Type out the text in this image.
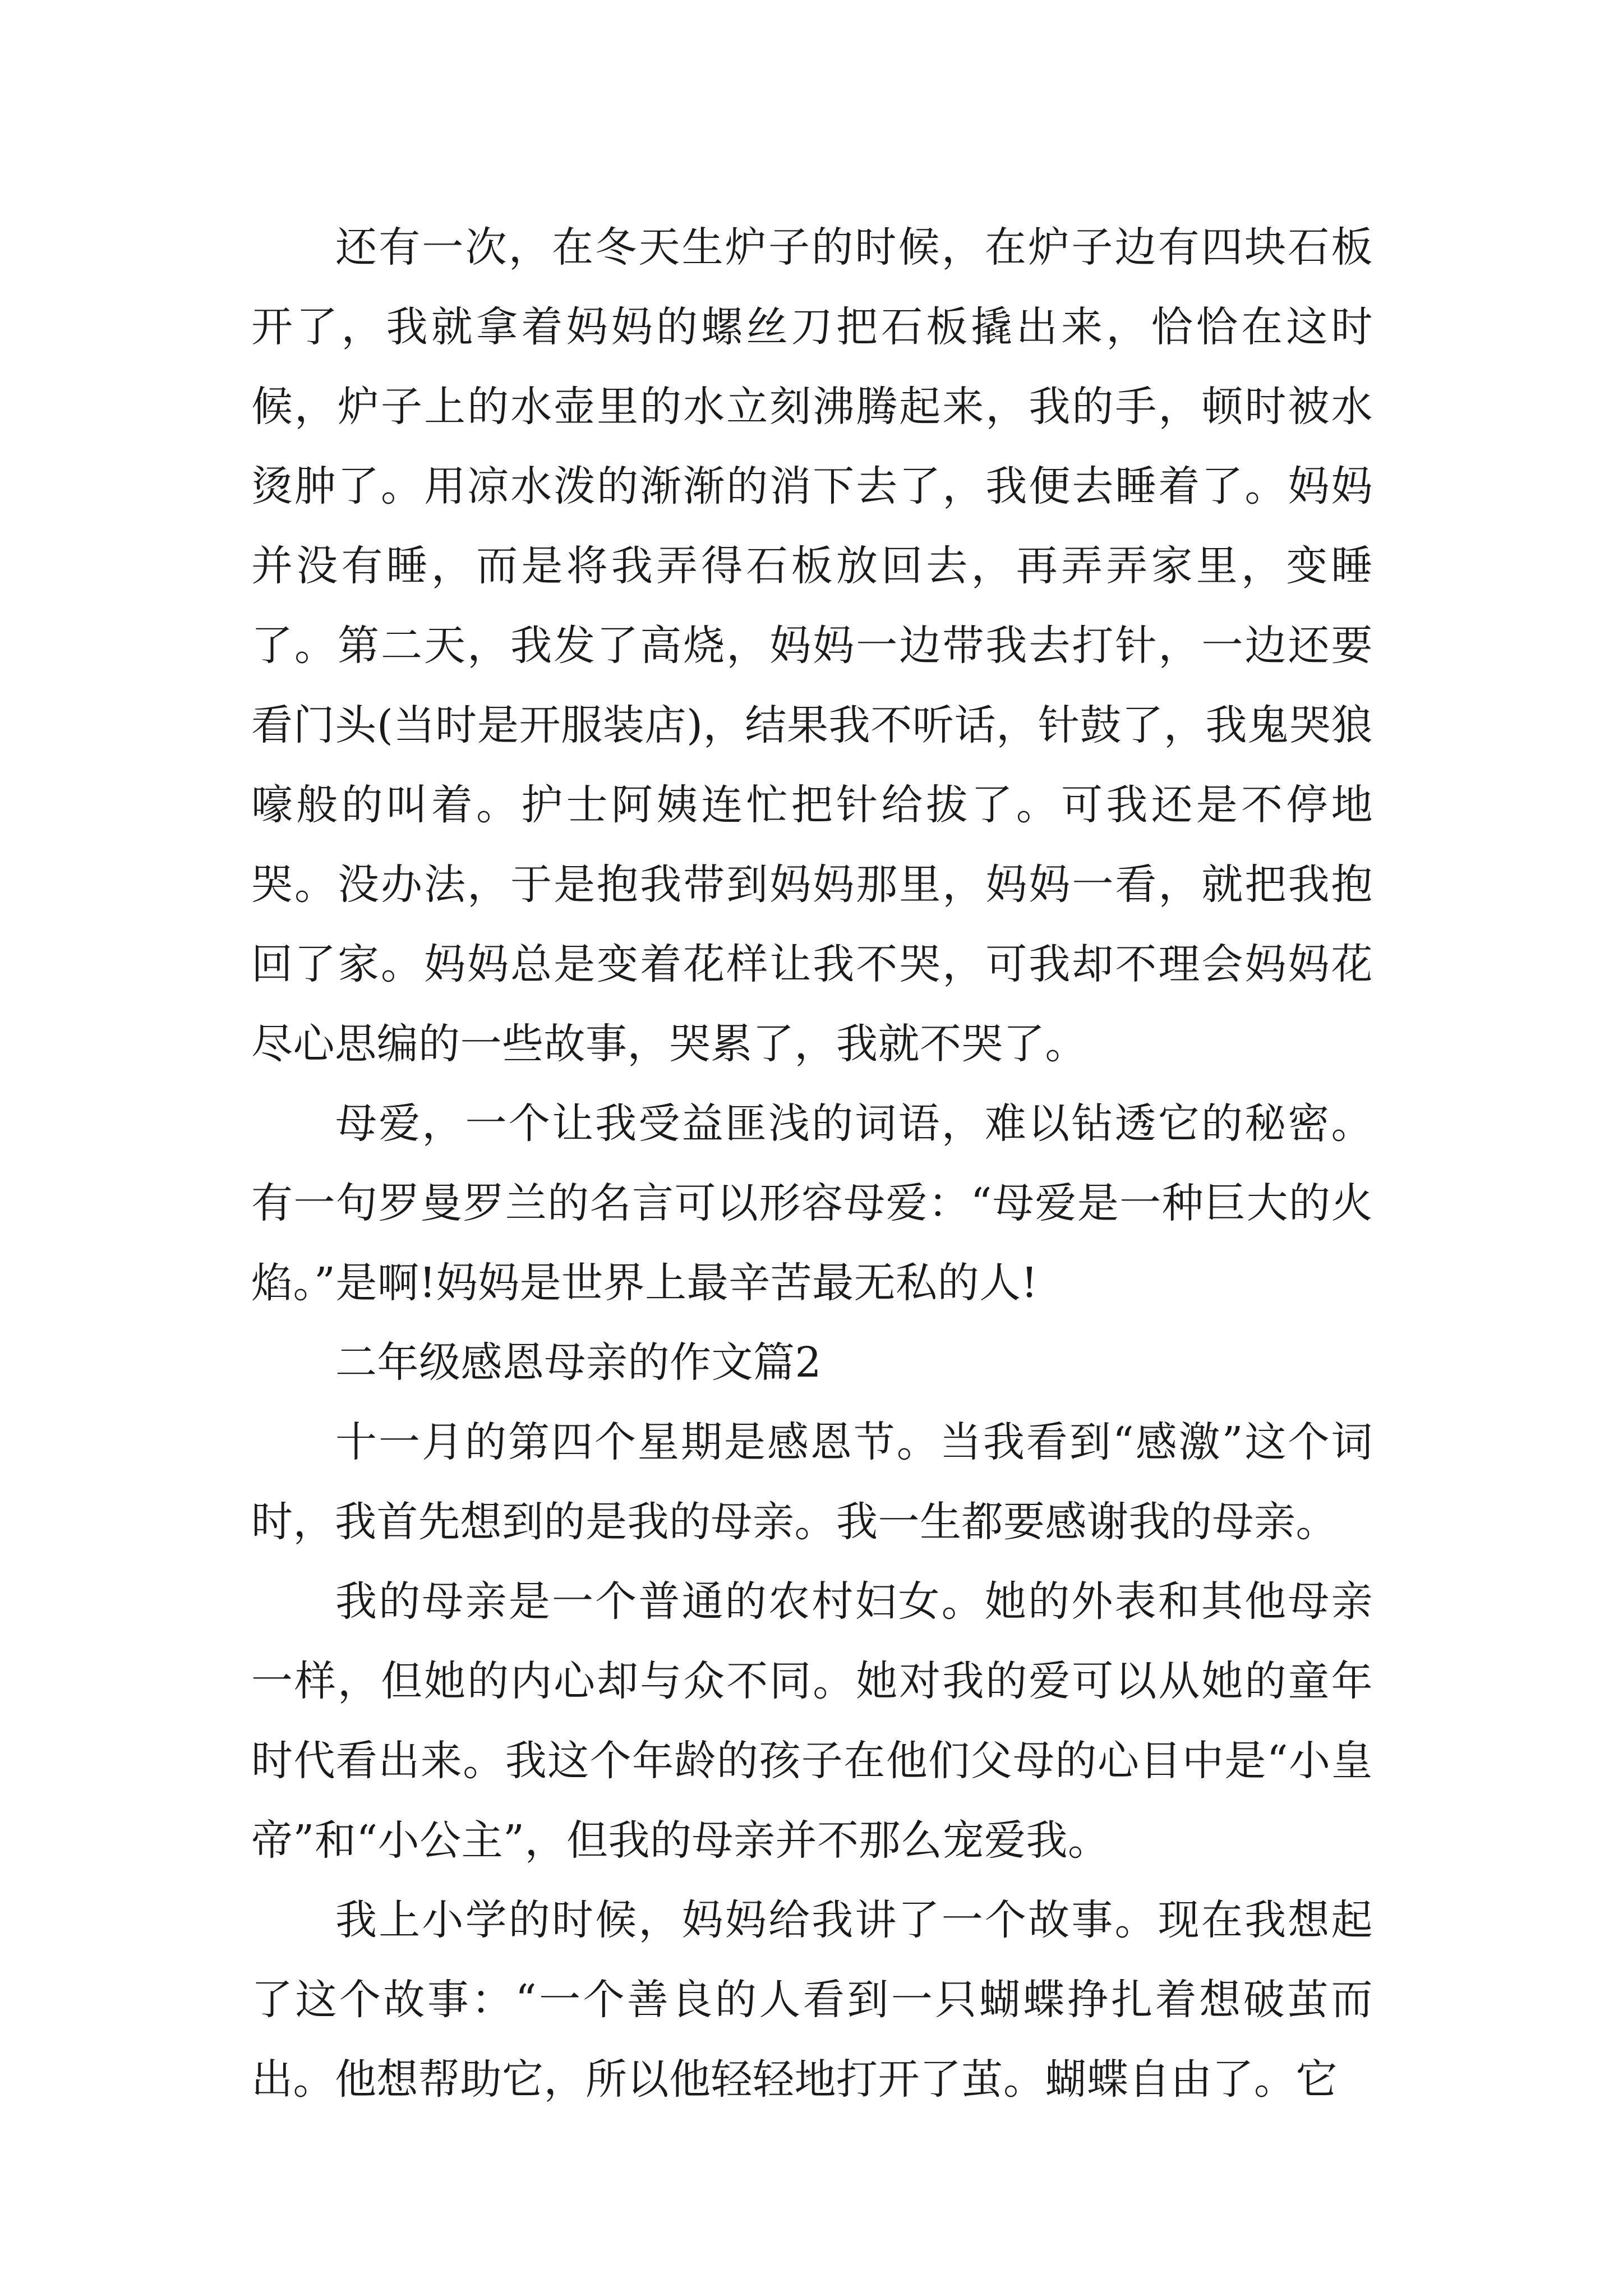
还有一次，在冬天生炉子的时候，在炉子边有四块石板开了，我就拿着妈妈的螺丝刀把石板撬出来，恰恰在这时候，炉子上的水壶里的水立刻沸腾起来，我的手，顿时被水烫肿了。用凉水泼的渐渐的消下去了，我便去睡着了。妈妈并没有睡，而是将我弄得石板放回去，再弄弄家里，变睡了。第二天，我发了高烧，妈妈一边带我去打针，一边还要看门头(当时是开服装店)，结果我不听话，针鼓了，我鬼哭狼嚎般的叫着。护士阿姨连忙把针给拔了。可我还是不停地哭。没办法，于是抱我带到妈妈那里，妈妈一看，就把我抱回了家。妈妈总是变着花样让我不哭，可我却不理会妈妈花尽心思编的一些故事，哭累了，我就不哭了。

母爱，一个让我受益匪浅的词语，难以钻透它的秘密。有一句罗曼罗兰的名言可以形容母爱：“母爱是一种巨大的火焰。”是啊!妈妈是世界上最辛苦最无私的人!

二年级感恩母亲的作文篇2

十一月的第四个星期是感恩节。当我看到“感激”这个词时，我首先想到的是我的母亲。我一生都要感谢我的母亲。

我的母亲是一个普通的农村妇女。她的外表和其他母亲一样，但她的内心却与众不同。她对我的爱可以从她的童年时代看出来。我这个年龄的孩子在他们父母的心目中是“小皇帝”和“小公主”，但我的母亲并不那么宠爱我。

我上小学的时候，妈妈给我讲了一个故事。现在我想起了这个故事：“一个善良的人看到一只蝴蝶挣扎着想破茧而出。他想帮助它，所以他轻轻地打开了茧。蝴蝶自由了。它
